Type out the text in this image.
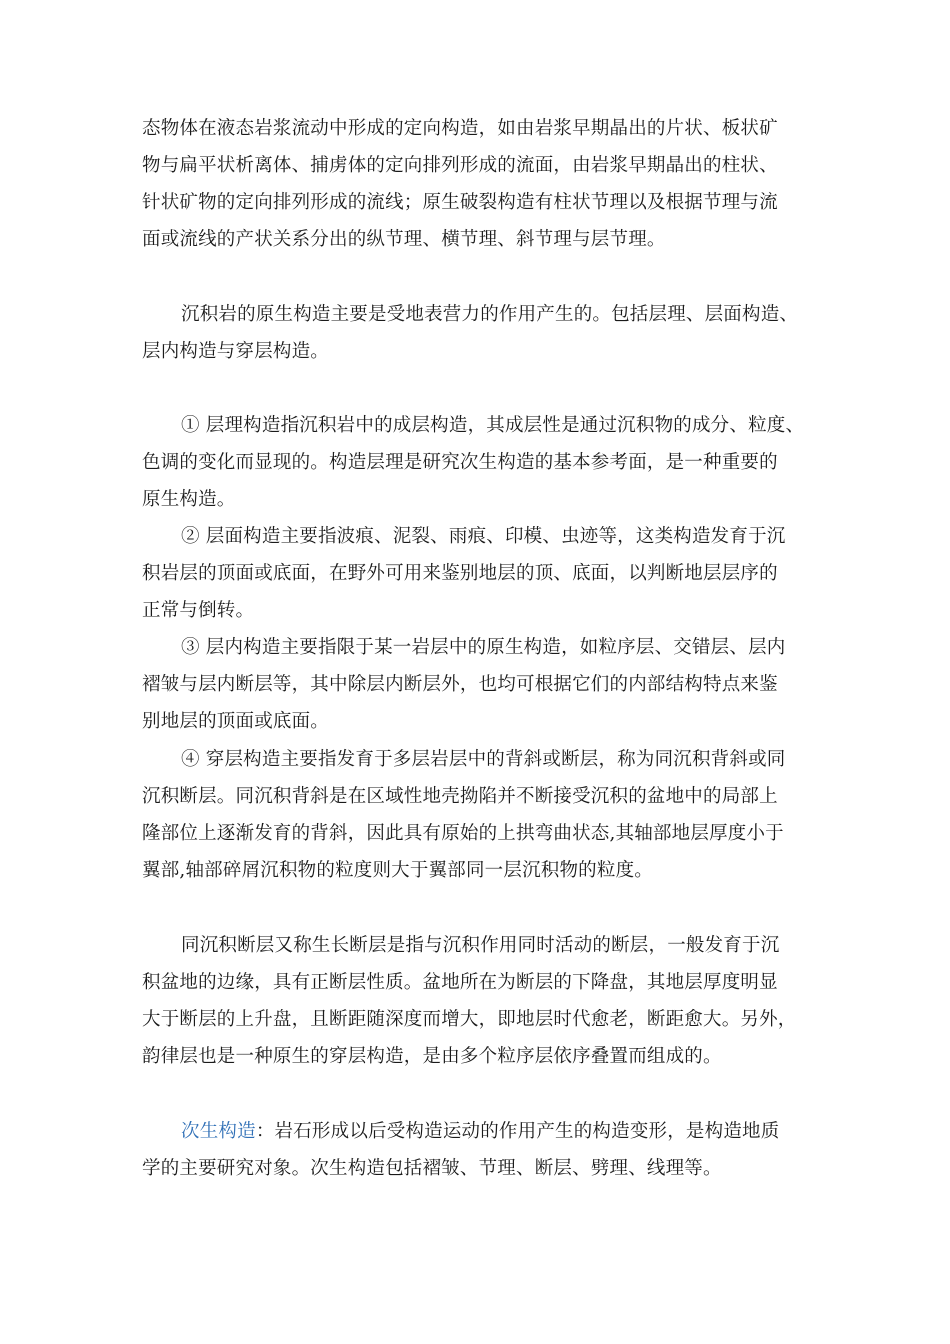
态物体在液态岩浆流动中形成的定向构造，如由岩浆早期晶出的片状、板状矿
物与扁平状析离体、捕虏体的定向排列形成的流面，由岩浆早期晶出的柱状、
针状矿物的定向排列形成的流线；原生破裂构造有柱状节理以及根据节理与流
面或流线的产状关系分出的纵节理、横节理、斜节理与层节理。
沉积岩的原生构造主要是受地表营力的作用产生的。包括层理、层面构造、
层内构造与穿层构造。
① 层理构造指沉积岩中的成层构造，其成层性是通过沉积物的成分、粒度、
色调的变化而显现的。构造层理是研究次生构造的基本参考面，是一种重要的
原生构造。
② 层面构造主要指波痕、泥裂、雨痕、印模、虫迹等，这类构造发育于沉
积岩层的顶面或底面，在野外可用来鉴别地层的顶、底面，以判断地层层序的
正常与倒转。
③ 层内构造主要指限于某一岩层中的原生构造，如粒序层、交错层、层内
褶皱与层内断层等，其中除层内断层外，也均可根据它们的内部结构特点来鉴
别地层的顶面或底面。
④ 穿层构造主要指发育于多层岩层中的背斜或断层，称为同沉积背斜或同
沉积断层。同沉积背斜是在区域性地壳拗陷并不断接受沉积的盆地中的局部上
隆部位上逐渐发育的背斜，因此具有原始的上拱弯曲状态,其轴部地层厚度小于
翼部,轴部碎屑沉积物的粒度则大于翼部同一层沉积物的粒度。
同沉积断层又称生长断层是指与沉积作用同时活动的断层，一般发育于沉
积盆地的边缘，具有正断层性质。盆地所在为断层的下降盘，其地层厚度明显
大于断层的上升盘，且断距随深度而增大，即地层时代愈老，断距愈大。另外，
韵律层也是一种原生的穿层构造，是由多个粒序层依序叠置而组成的。
次生构造：岩石形成以后受构造运动的作用产生的构造变形，是构造地质
学的主要研究对象。次生构造包括褶皱、节理、断层、劈理、线理等。
